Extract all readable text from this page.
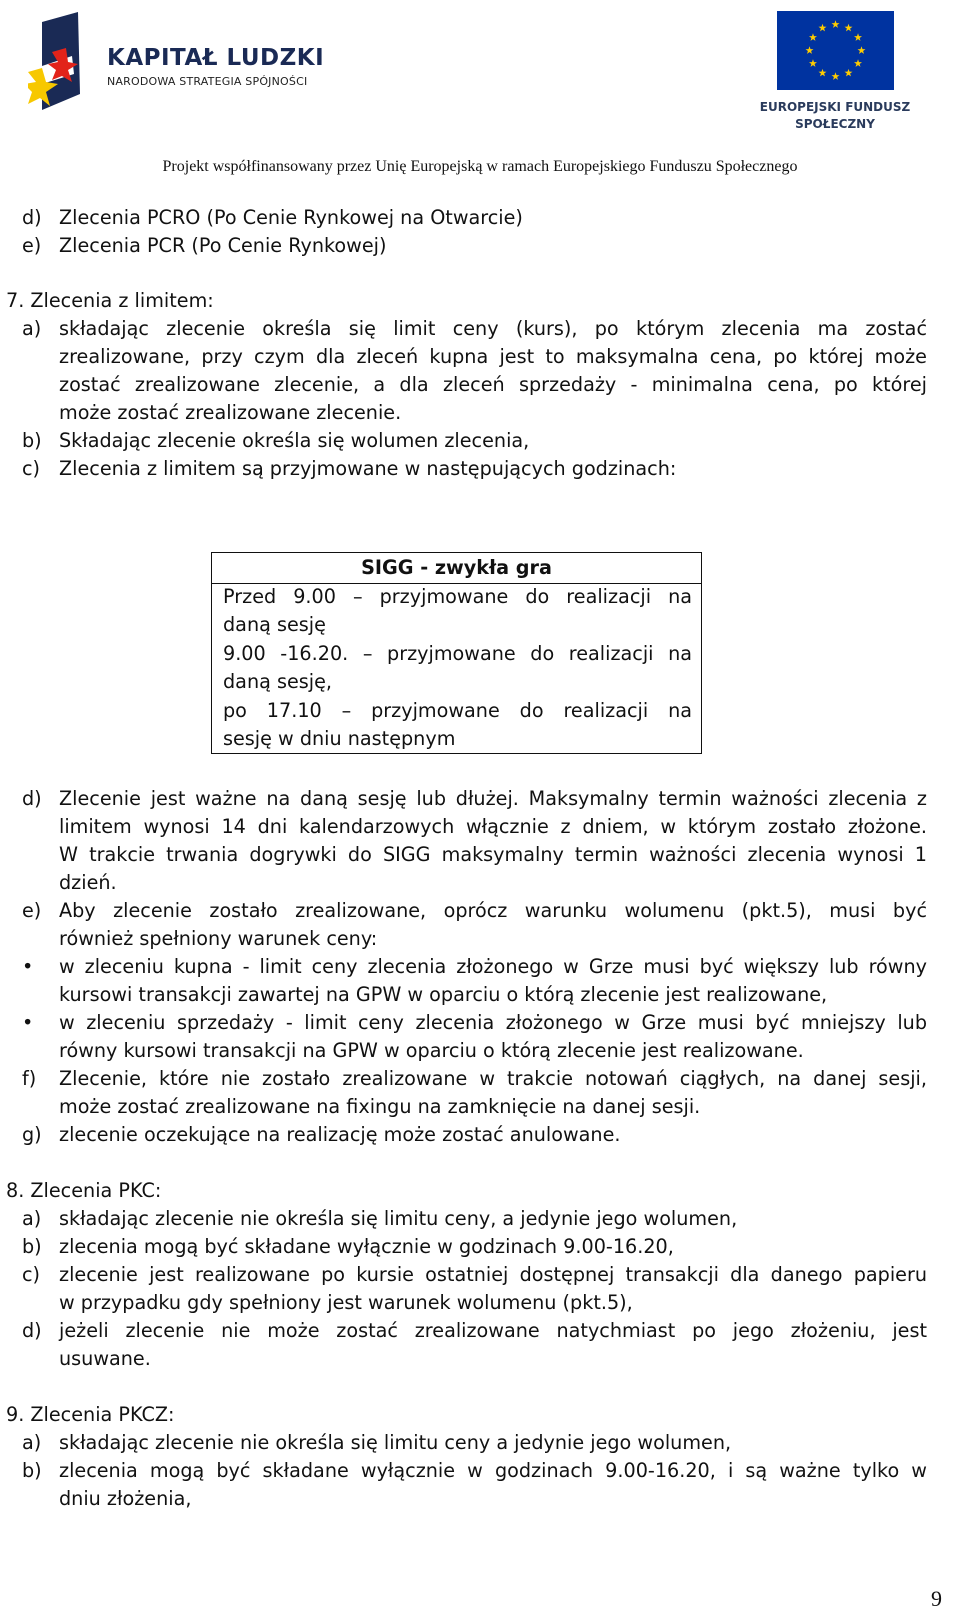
KAPITAŁ LUDZKI
NARODOWA STRATEGIA SPÓJNOŚCI
EUROPEJSKI FUNDUSZ
SPOŁECZNY
Projekt współfinansowany przez Unię Europejską w ramach Europejskiego Funduszu Społecznego
d) Zlecenia PCRO (Po Cenie Rynkowej na Otwarcie)
e) Zlecenia PCR (Po Cenie Rynkowej)
7. Zlecenia z limitem:
a) składając zlecenie określa się limit ceny (kurs), po którym zlecenia ma zostać
zrealizowane, przy czym dla zleceń kupna jest to maksymalna cena, po której może
zostać zrealizowane zlecenie, a dla zleceń sprzedaży - minimalna cena, po której
może zostać zrealizowane zlecenie.
b) Składając zlecenie określa się wolumen zlecenia,
c) Zlecenia z limitem są przyjmowane w następujących godzinach:
SIGG - zwykła gra
Przed 9.00 – przyjmowane do realizacji na
daną sesję
9.00 -16.20. – przyjmowane do realizacji na
daną sesję,
po 17.10 – przyjmowane do realizacji na
sesję w dniu następnym
d) Zlecenie jest ważne na daną sesję lub dłużej. Maksymalny termin ważności zlecenia z
limitem wynosi 14 dni kalendarzowych włącznie z dniem, w którym zostało złożone.
W trakcie trwania dogrywki do SIGG maksymalny termin ważności zlecenia wynosi 1
dzień.
e) Aby zlecenie zostało zrealizowane, oprócz warunku wolumenu (pkt.5), musi być
również spełniony warunek ceny:
• w zleceniu kupna - limit ceny zlecenia złożonego w Grze musi być większy lub równy
kursowi transakcji zawartej na GPW w oparciu o którą zlecenie jest realizowane,
• w zleceniu sprzedaży - limit ceny zlecenia złożonego w Grze musi być mniejszy lub
równy kursowi transakcji na GPW w oparciu o którą zlecenie jest realizowane.
f) Zlecenie, które nie zostało zrealizowane w trakcie notowań ciągłych, na danej sesji,
może zostać zrealizowane na fixingu na zamknięcie na danej sesji.
g) zlecenie oczekujące na realizację może zostać anulowane.
8. Zlecenia PKC:
a) składając zlecenie nie określa się limitu ceny, a jedynie jego wolumen,
b) zlecenia mogą być składane wyłącznie w godzinach 9.00-16.20,
c) zlecenie jest realizowane po kursie ostatniej dostępnej transakcji dla danego papieru
w przypadku gdy spełniony jest warunek wolumenu (pkt.5),
d) jeżeli zlecenie nie może zostać zrealizowane natychmiast po jego złożeniu, jest
usuwane.
9. Zlecenia PKCZ:
a) składając zlecenie nie określa się limitu ceny a jedynie jego wolumen,
b) zlecenia mogą być składane wyłącznie w godzinach 9.00-16.20, i są ważne tylko w
dniu złożenia,
9
